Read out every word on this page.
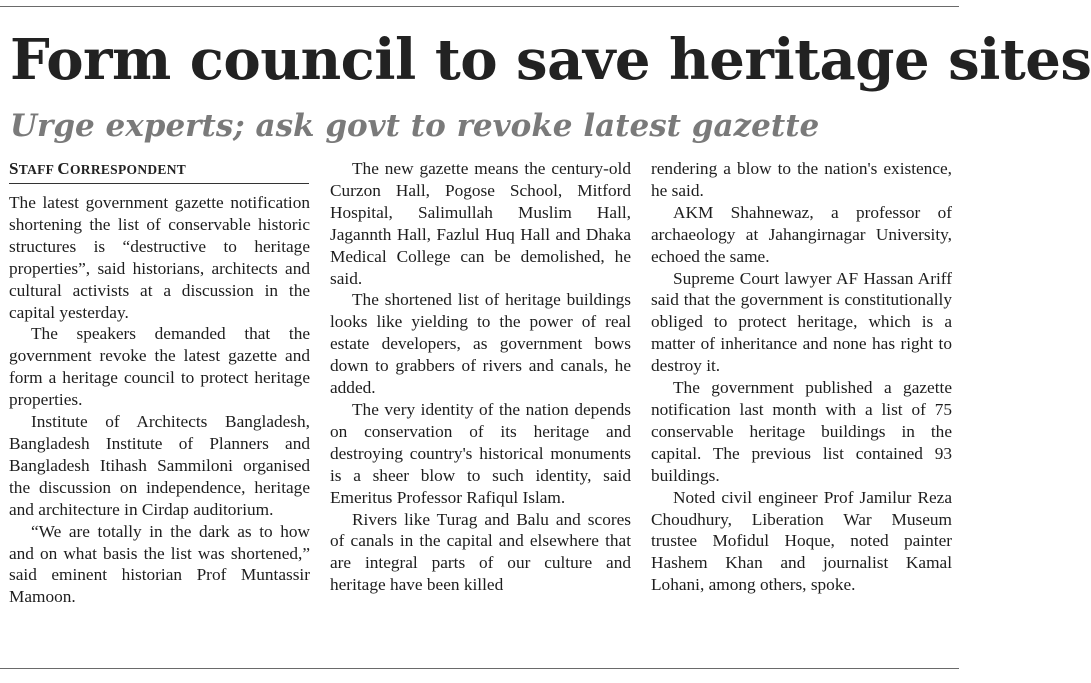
Form council to save heritage sites
Urge experts; ask govt to revoke latest gazette
STAFF CORRESPONDENT

The latest government gazette notification shortening the list of conservable historic structures is “destructive to heritage properties”, said historians, architects and cultural activists at a discussion in the capital yesterday.

The speakers demanded that the government revoke the latest gazette and form a heritage council to protect heritage properties.

Institute of Architects Bangladesh, Bangladesh Institute of Planners and Bangladesh Itihash Sammiloni organised the discussion on independence, heritage and architecture in Cirdap auditorium.

“We are totally in the dark as to how and on what basis the list was shortened,” said eminent historian Prof Muntassir Mamoon.

The new gazette means the century-old Curzon Hall, Pogose School, Mitford Hospital, Salimullah Muslim Hall, Jagannth Hall, Fazlul Huq Hall and Dhaka Medical College can be demolished, he said.

The shortened list of heritage buildings looks like yielding to the power of real estate developers, as government bows down to grabbers of rivers and canals, he added.

The very identity of the nation depends on conservation of its heritage and destroying country's historical monuments is a sheer blow to such identity, said Emeritus Professor Rafiqul Islam.

Rivers like Turag and Balu and scores of canals in the capital and elsewhere that are integral parts of our culture and heritage have been killed

rendering a blow to the nation's existence, he said.

AKM Shahnewaz, a professor of archaeology at Jahangirnagar University, echoed the same.

Supreme Court lawyer AF Hassan Ariff said that the government is constitutionally obliged to protect heritage, which is a matter of inheritance and none has right to destroy it.

The government published a gazette notification last month with a list of 75 conservable heritage buildings in the capital. The previous list contained 93 buildings.

Noted civil engineer Prof Jamilur Reza Choudhury, Liberation War Museum trustee Mofidul Hoque, noted painter Hashem Khan and journalist Kamal Lohani, among others, spoke.
